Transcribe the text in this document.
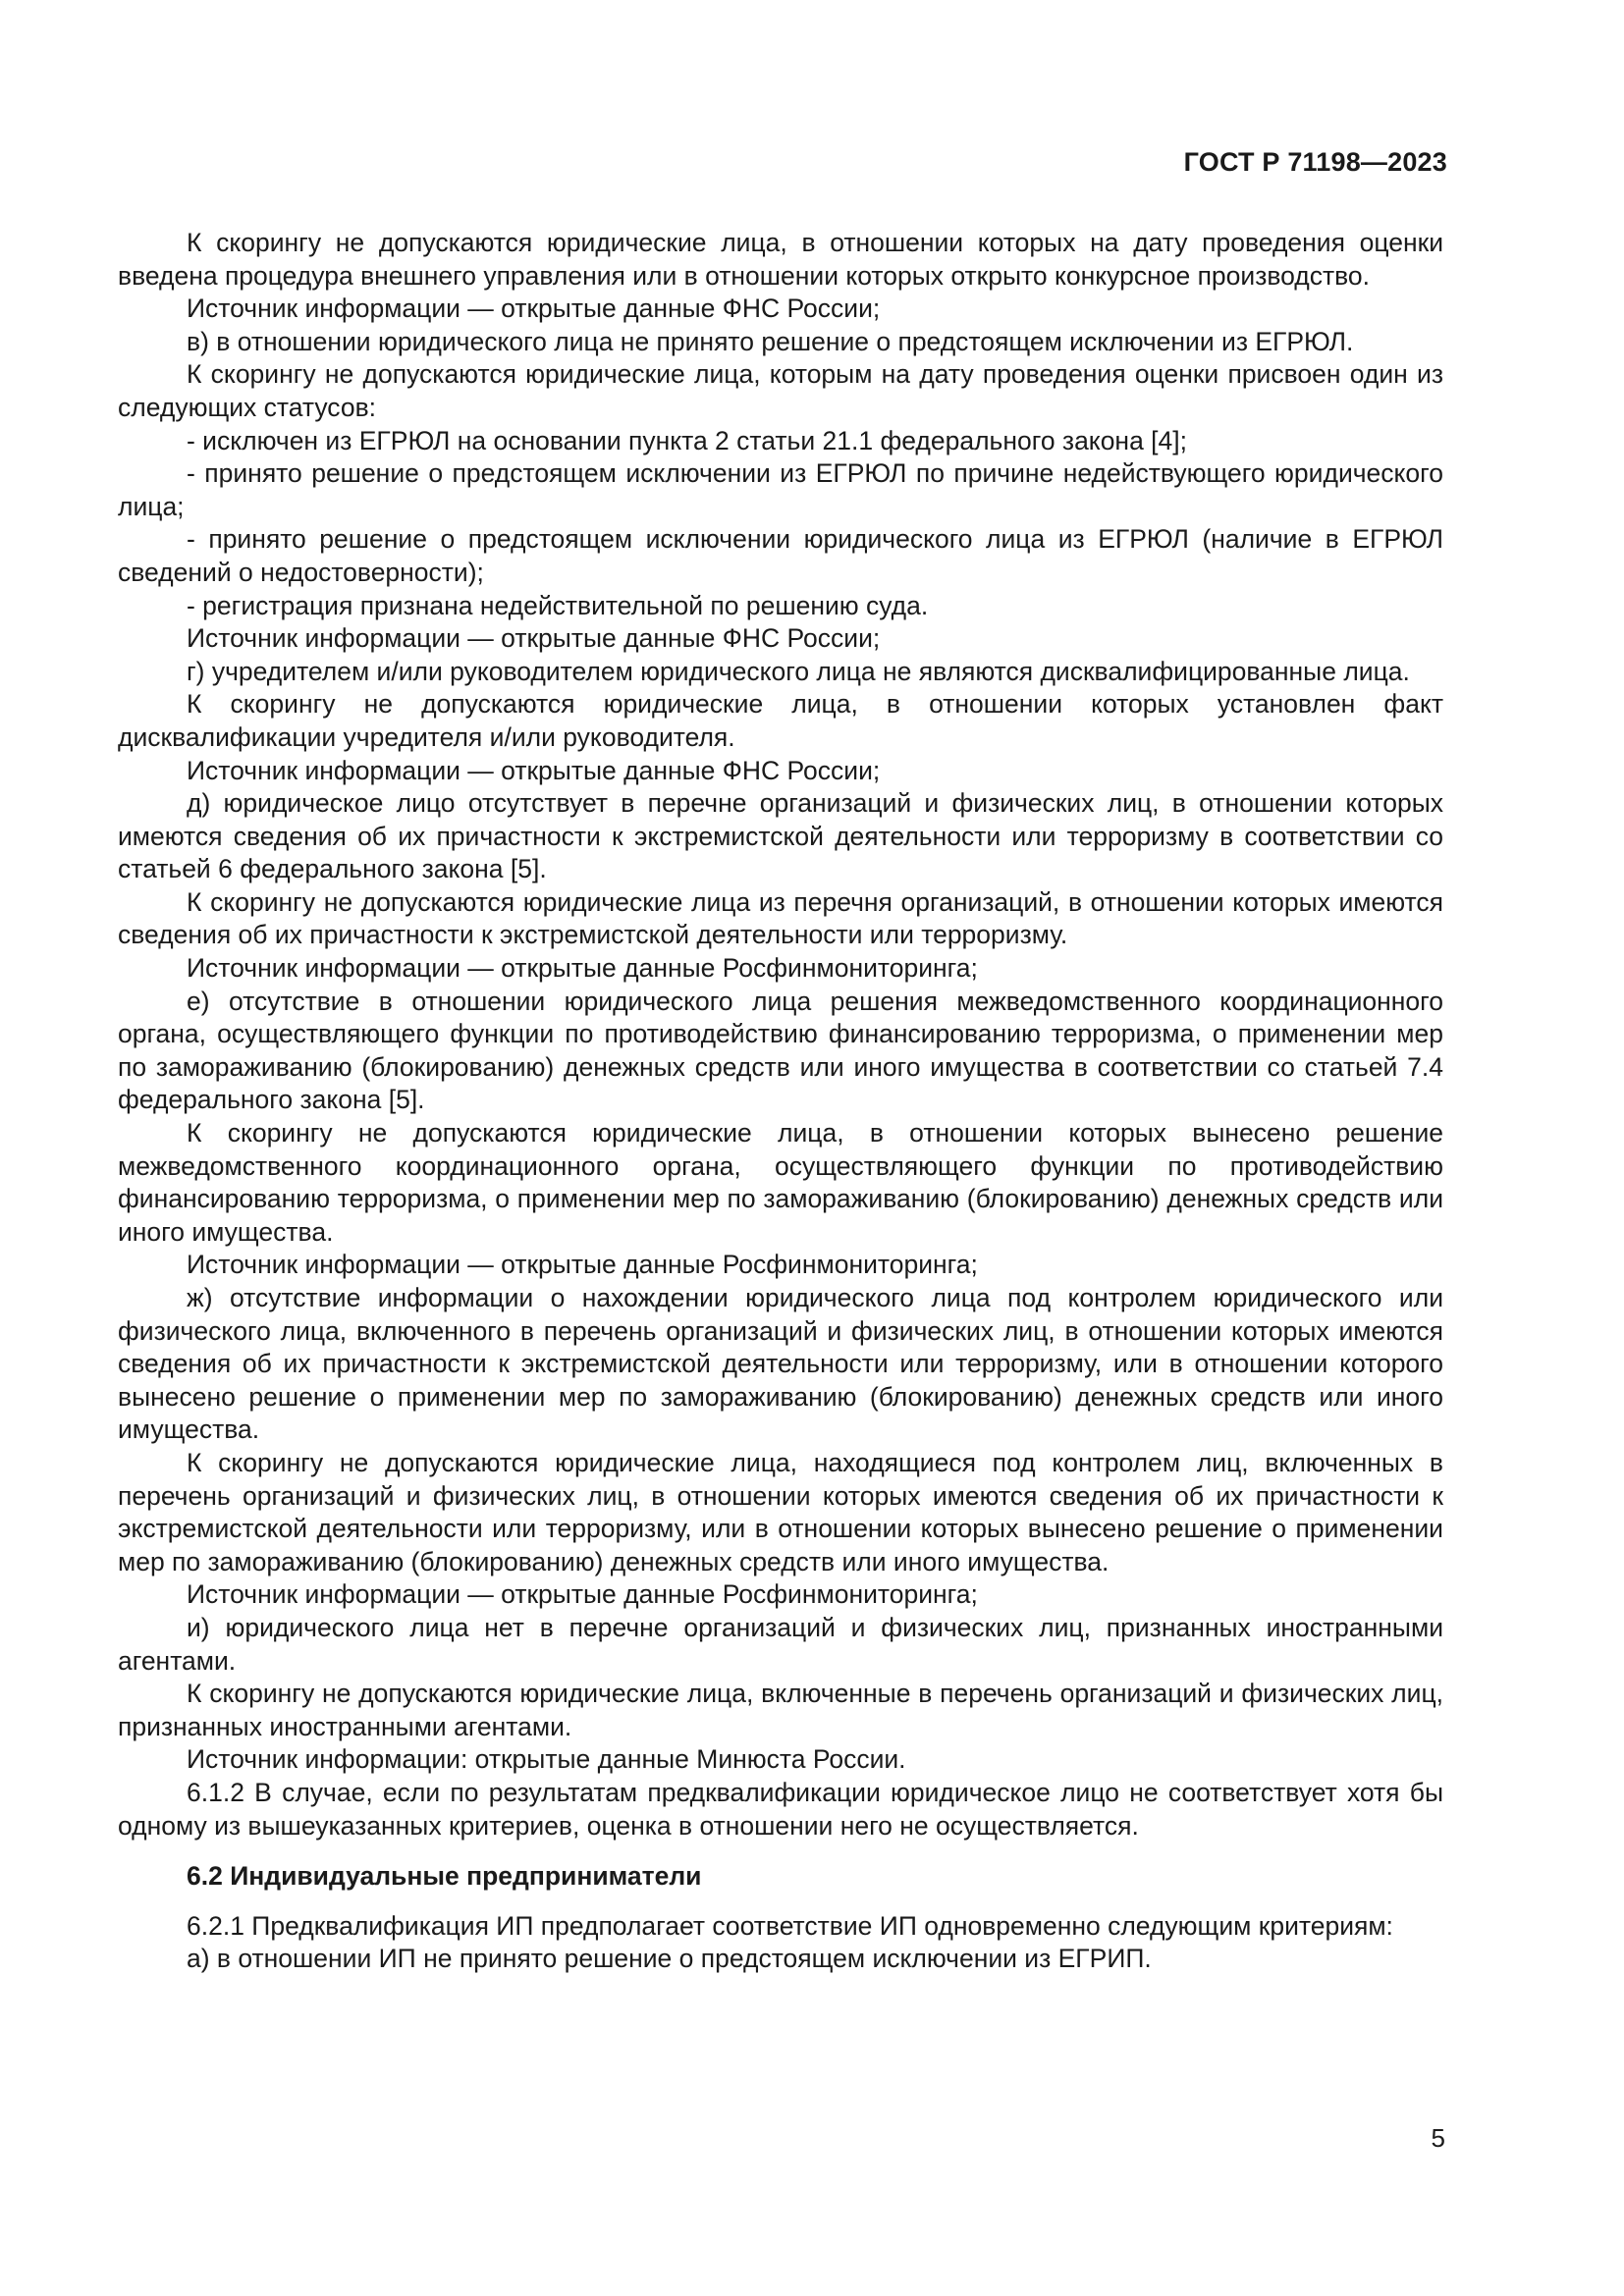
ГОСТ Р 71198—2023

К скорингу не допускаются юридические лица, в отношении которых на дату проведения оценки введена процедура внешнего управления или в отношении которых открыто конкурсное производство.

Источник информации — открытые данные ФНС России;

в) в отношении юридического лица не принято решение о предстоящем исключении из ЕГРЮЛ.

К скорингу не допускаются юридические лица, которым на дату проведения оценки присвоен один из следующих статусов:

- исключен из ЕГРЮЛ на основании пункта 2 статьи 21.1 федерального закона [4];

- принято решение о предстоящем исключении из ЕГРЮЛ по причине недействующего юридического лица;

- принято решение о предстоящем исключении юридического лица из ЕГРЮЛ (наличие в ЕГРЮЛ сведений о недостоверности);

- регистрация признана недействительной по решению суда.

Источник информации — открытые данные ФНС России;

г) учредителем и/или руководителем юридического лица не являются дисквалифицированные лица.

К скорингу не допускаются юридические лица, в отношении которых установлен факт дисквалификации учредителя и/или руководителя.

Источник информации — открытые данные ФНС России;

д) юридическое лицо отсутствует в перечне организаций и физических лиц, в отношении которых имеются сведения об их причастности к экстремистской деятельности или терроризму в соответствии со статьей 6 федерального закона [5].

К скорингу не допускаются юридические лица из перечня организаций, в отношении которых имеются сведения об их причастности к экстремистской деятельности или терроризму.

Источник информации — открытые данные Росфинмониторинга;

е) отсутствие в отношении юридического лица решения межведомственного координационного органа, осуществляющего функции по противодействию финансированию терроризма, о применении мер по замораживанию (блокированию) денежных средств или иного имущества в соответствии со статьей 7.4 федерального закона [5].

К скорингу не допускаются юридические лица, в отношении которых вынесено решение межведомственного координационного органа, осуществляющего функции по противодействию финансированию терроризма, о применении мер по замораживанию (блокированию) денежных средств или иного имущества.

Источник информации — открытые данные Росфинмониторинга;

ж) отсутствие информации о нахождении юридического лица под контролем юридического или физического лица, включенного в перечень организаций и физических лиц, в отношении которых имеются сведения об их причастности к экстремистской деятельности или терроризму, или в отношении которого вынесено решение о применении мер по замораживанию (блокированию) денежных средств или иного имущества.

К скорингу не допускаются юридические лица, находящиеся под контролем лиц, включенных в перечень организаций и физических лиц, в отношении которых имеются сведения об их причастности к экстремистской деятельности или терроризму, или в отношении которых вынесено решение о применении мер по замораживанию (блокированию) денежных средств или иного имущества.

Источник информации — открытые данные Росфинмониторинга;

и) юридического лица нет в перечне организаций и физических лиц, признанных иностранными агентами.

К скорингу не допускаются юридические лица, включенные в перечень организаций и физических лиц, признанных иностранными агентами.

Источник информации: открытые данные Минюста России.

6.1.2 В случае, если по результатам предквалификации юридическое лицо не соответствует хотя бы одному из вышеуказанных критериев, оценка в отношении него не осуществляется.

6.2 Индивидуальные предприниматели

6.2.1 Предквалификация ИП предполагает соответствие ИП одновременно следующим критериям:

а) в отношении ИП не принято решение о предстоящем исключении из ЕГРИП.

5
